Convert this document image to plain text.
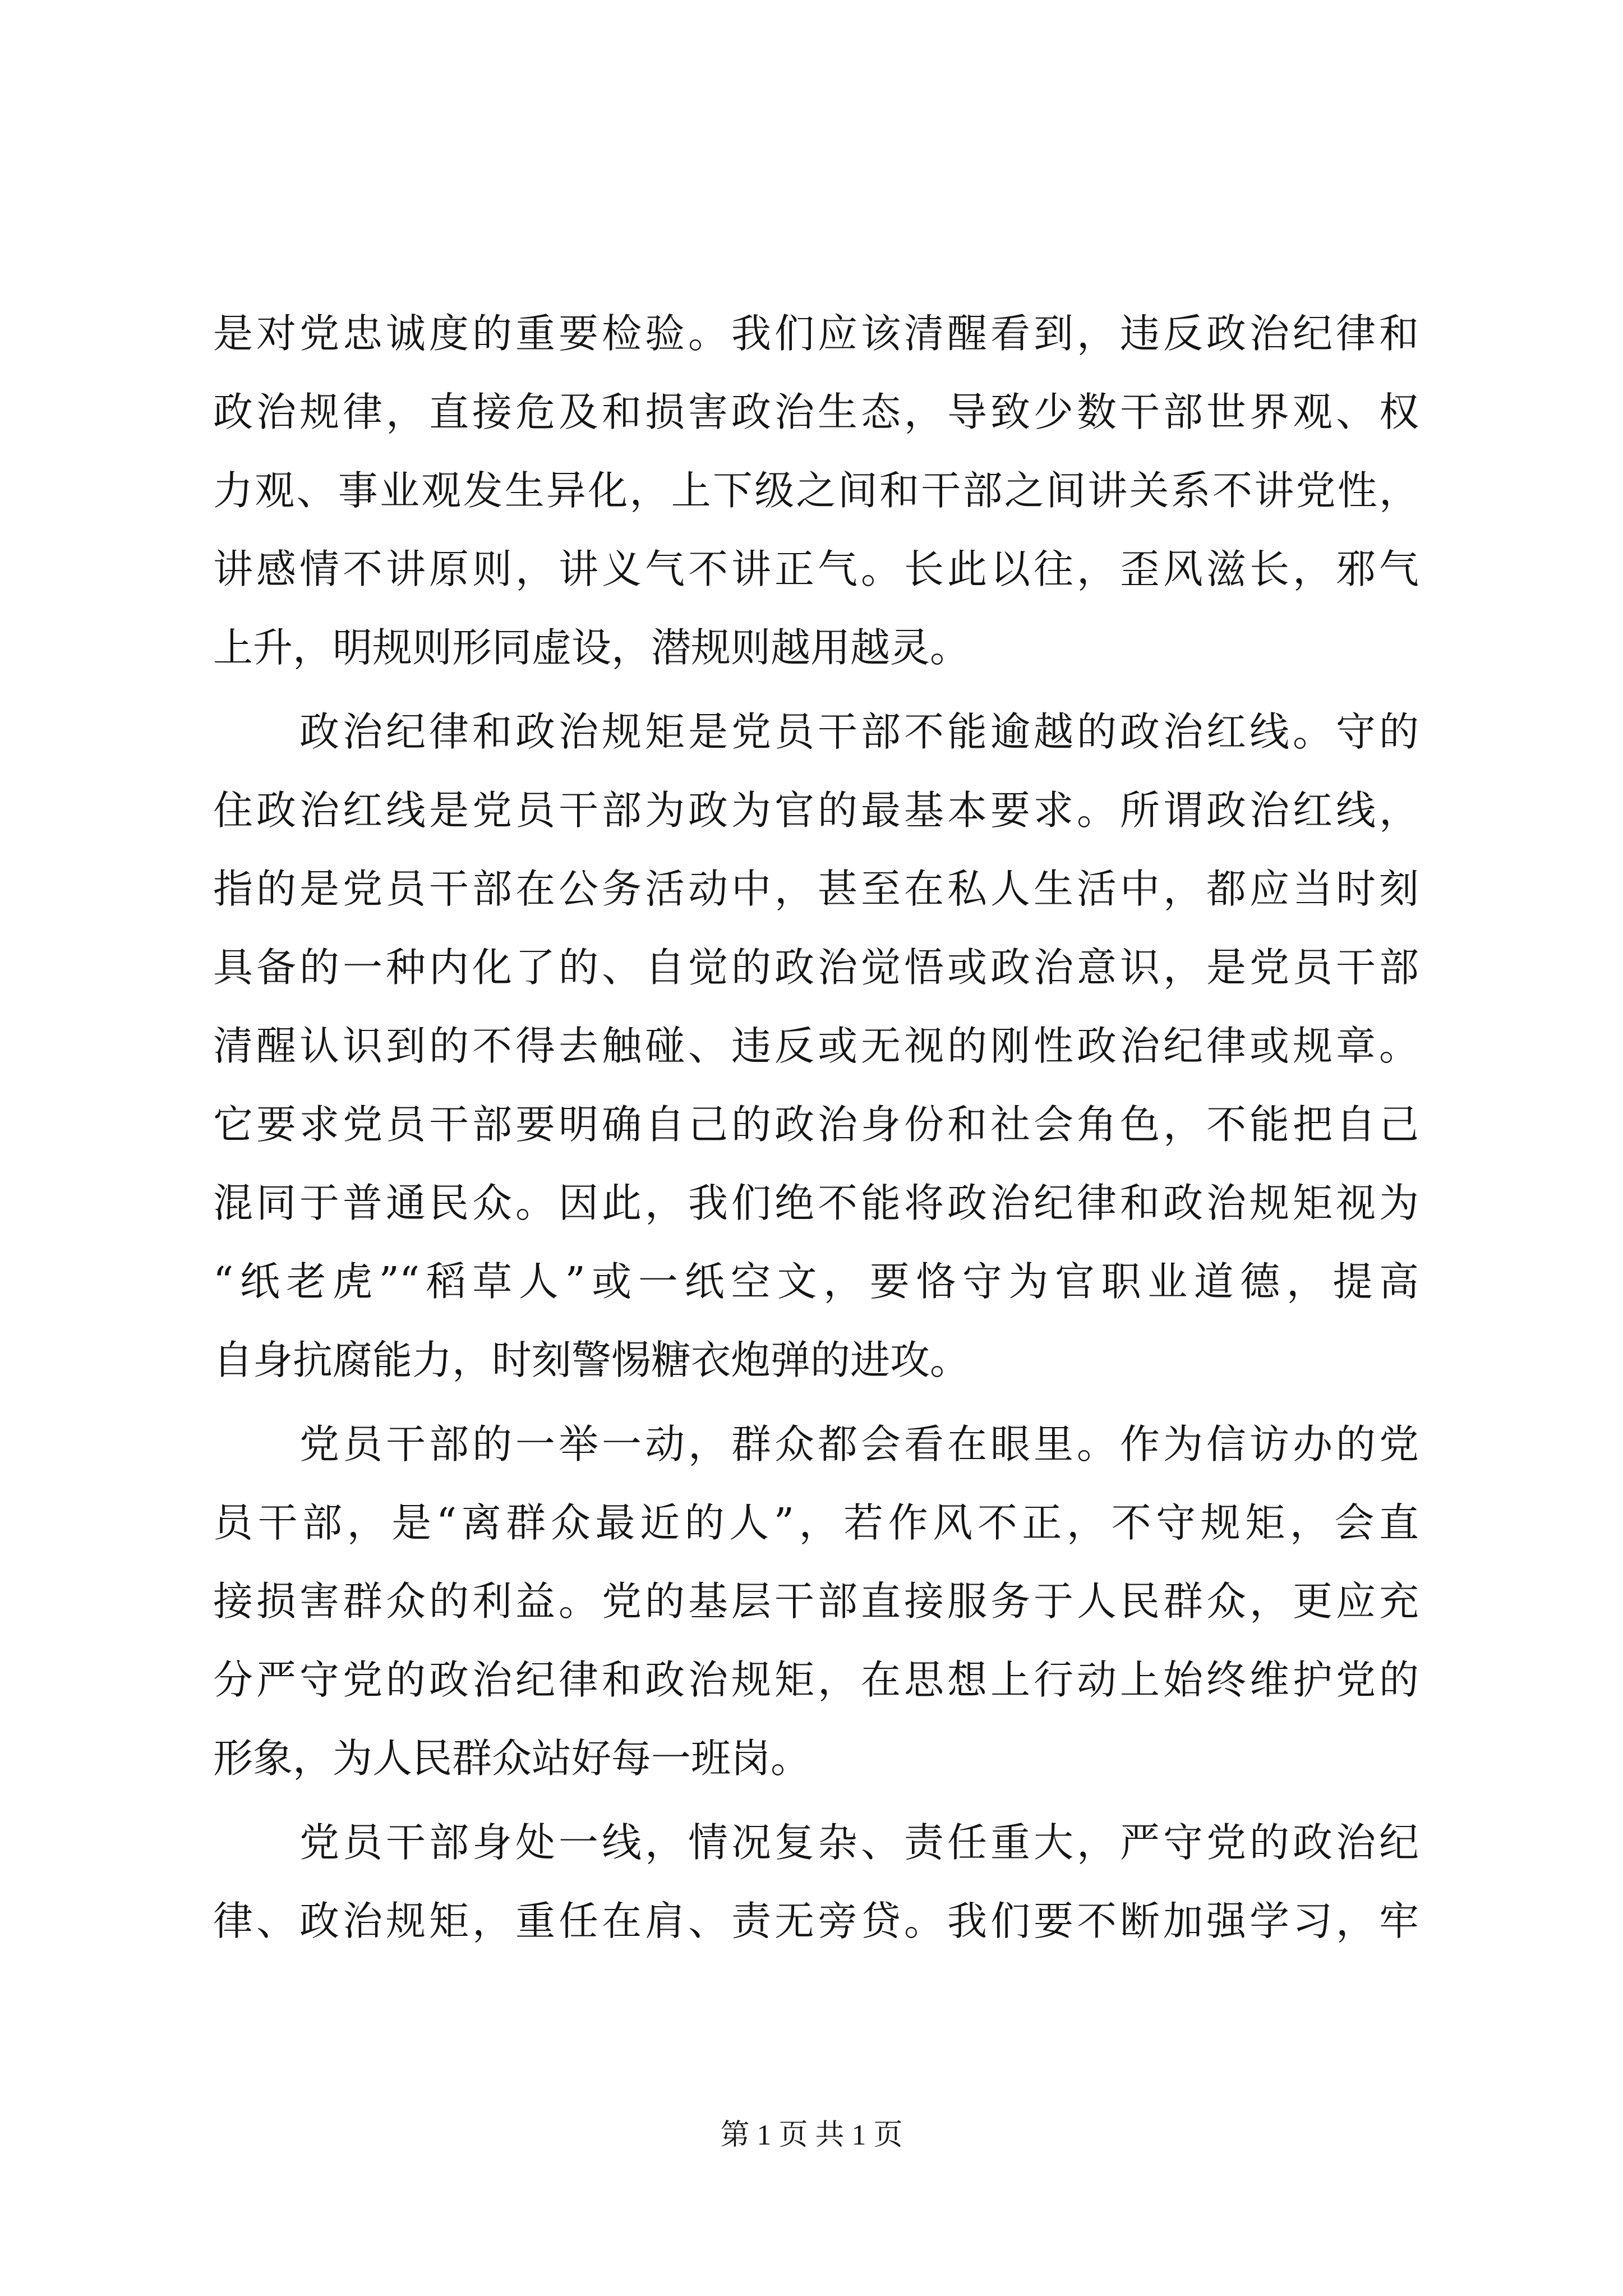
是对党忠诚度的重要检验。我们应该清醒看到，违反政治纪律和
政治规律，直接危及和损害政治生态，导致少数干部世界观、权
力观、事业观发生异化，上下级之间和干部之间讲关系不讲党性，
讲感情不讲原则，讲义气不讲正气。长此以往，歪风滋长，邪气
上升，明规则形同虚设，潜规则越用越灵。
　　政治纪律和政治规矩是党员干部不能逾越的政治红线。守的
住政治红线是党员干部为政为官的最基本要求。所谓政治红线，
指的是党员干部在公务活动中，甚至在私人生活中，都应当时刻
具备的一种内化了的、自觉的政治觉悟或政治意识，是党员干部
清醒认识到的不得去触碰、违反或无视的刚性政治纪律或规章。
它要求党员干部要明确自己的政治身份和社会角色，不能把自己
混同于普通民众。因此，我们绝不能将政治纪律和政治规矩视为
“纸老虎”“稻草人”或一纸空文，要恪守为官职业道德，提高
自身抗腐能力，时刻警惕糖衣炮弹的进攻。
　　党员干部的一举一动，群众都会看在眼里。作为信访办的党
员干部，是“离群众最近的人”，若作风不正，不守规矩，会直
接损害群众的利益。党的基层干部直接服务于人民群众，更应充
分严守党的政治纪律和政治规矩，在思想上行动上始终维护党的
形象，为人民群众站好每一班岗。
　　党员干部身处一线，情况复杂、责任重大，严守党的政治纪
律、政治规矩，重任在肩、责无旁贷。我们要不断加强学习，牢
第 1 页 共 1 页
